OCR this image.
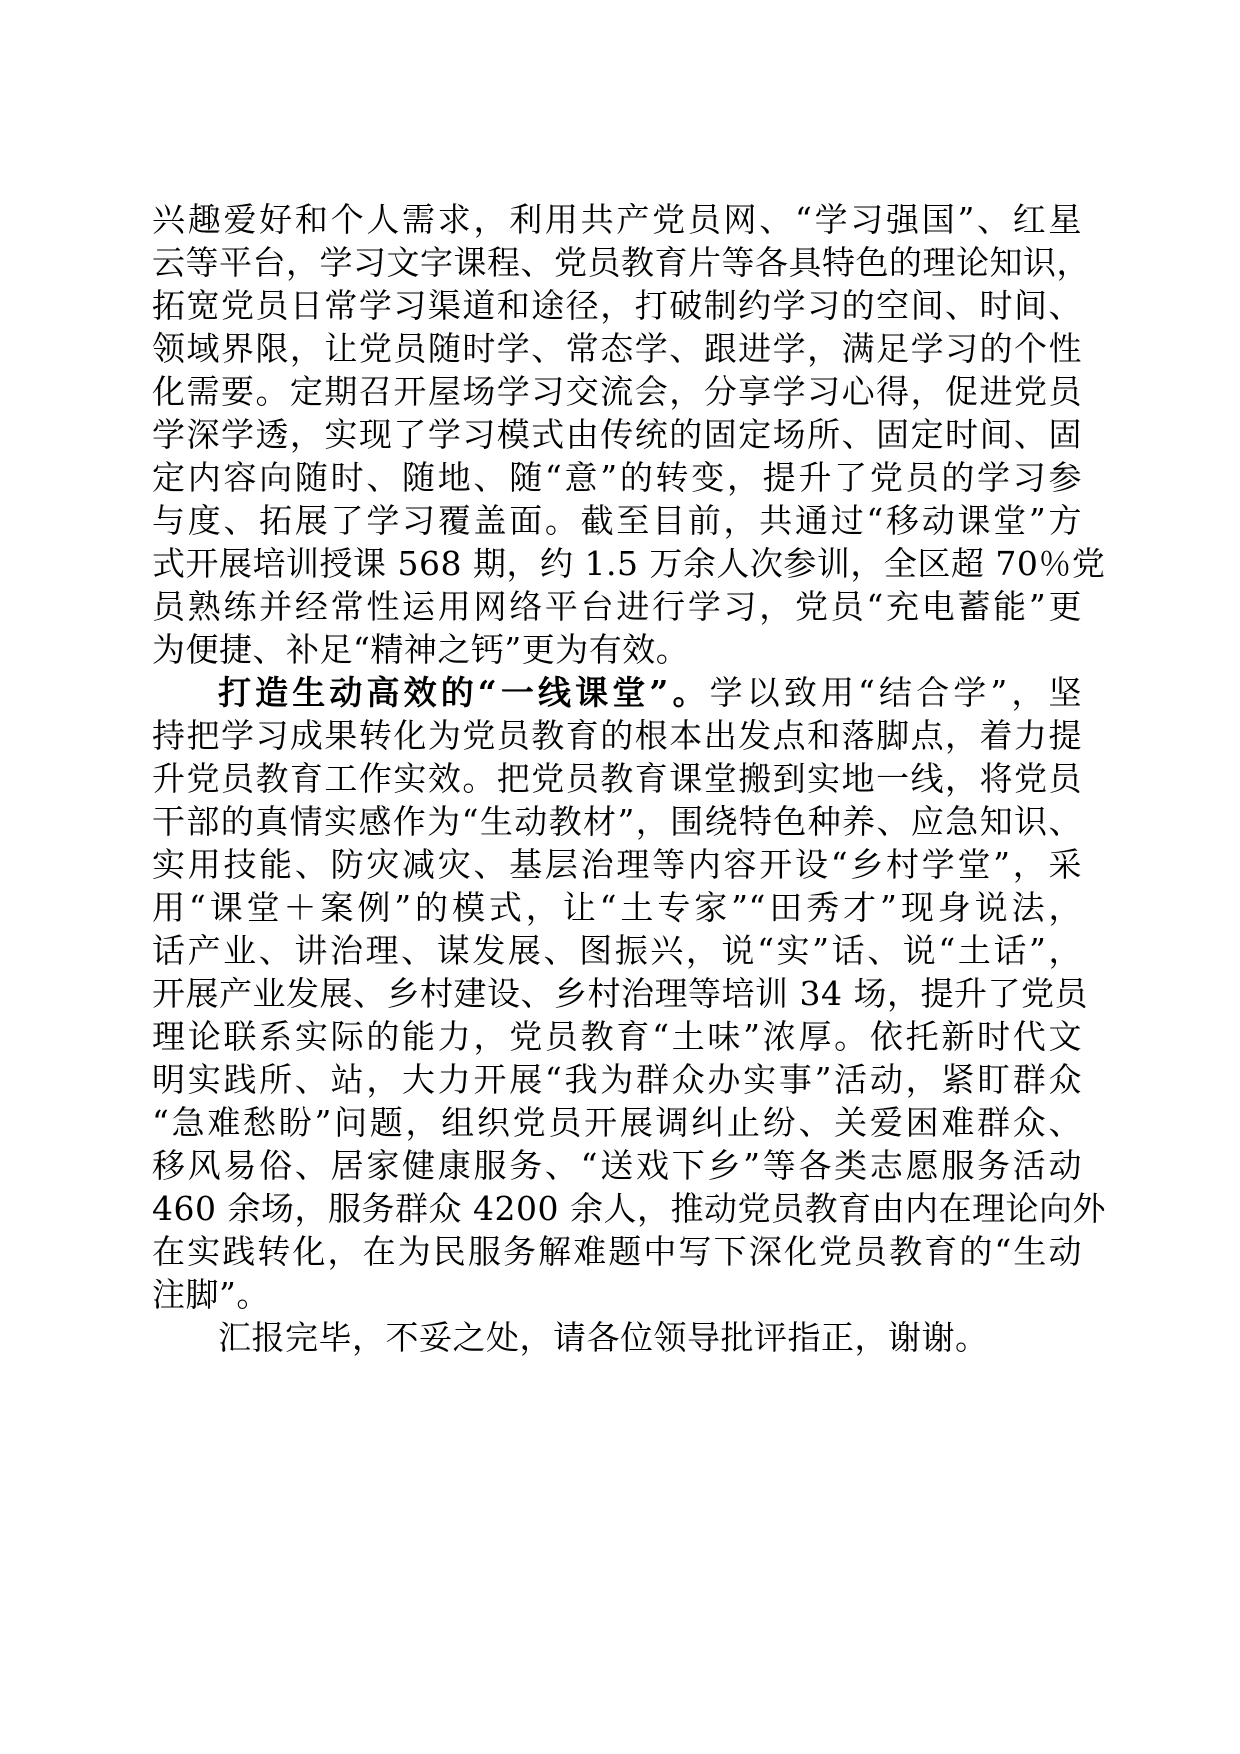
兴趣爱好和个人需求，利用共产党员网、“学习强国”、红星
云等平台，学习文字课程、党员教育片等各具特色的理论知识，
拓宽党员日常学习渠道和途径，打破制约学习的空间、时间、
领域界限，让党员随时学、常态学、跟进学，满足学习的个性
化需要。定期召开屋场学习交流会，分享学习心得，促进党员
学深学透，实现了学习模式由传统的固定场所、固定时间、固
定内容向随时、随地、随“意”的转变，提升了党员的学习参
与度、拓展了学习覆盖面。截至目前，共通过“移动课堂”方
式开展培训授课 568 期，约 1.5 万余人次参训，全区超 70％党
员熟练并经常性运用网络平台进行学习，党员“充电蓄能”更
为便捷、补足“精神之钙”更为有效。
打造生动高效的“一线课堂”。学以致用“结合学”，坚
持把学习成果转化为党员教育的根本出发点和落脚点，着力提
升党员教育工作实效。把党员教育课堂搬到实地一线，将党员
干部的真情实感作为“生动教材”，围绕特色种养、应急知识、
实用技能、防灾减灾、基层治理等内容开设“乡村学堂”，采
用“课堂＋案例”的模式，让“土专家”“田秀才”现身说法，
话产业、讲治理、谋发展、图振兴，说“实”话、说“土话”，
开展产业发展、乡村建设、乡村治理等培训 34 场，提升了党员
理论联系实际的能力，党员教育“土味”浓厚。依托新时代文
明实践所、站，大力开展“我为群众办实事”活动，紧盯群众
“急难愁盼”问题，组织党员开展调纠止纷、关爱困难群众、
移风易俗、居家健康服务、“送戏下乡”等各类志愿服务活动
460 余场，服务群众 4200 余人，推动党员教育由内在理论向外
在实践转化，在为民服务解难题中写下深化党员教育的“生动
注脚”。
汇报完毕，不妥之处，请各位领导批评指正，谢谢。
